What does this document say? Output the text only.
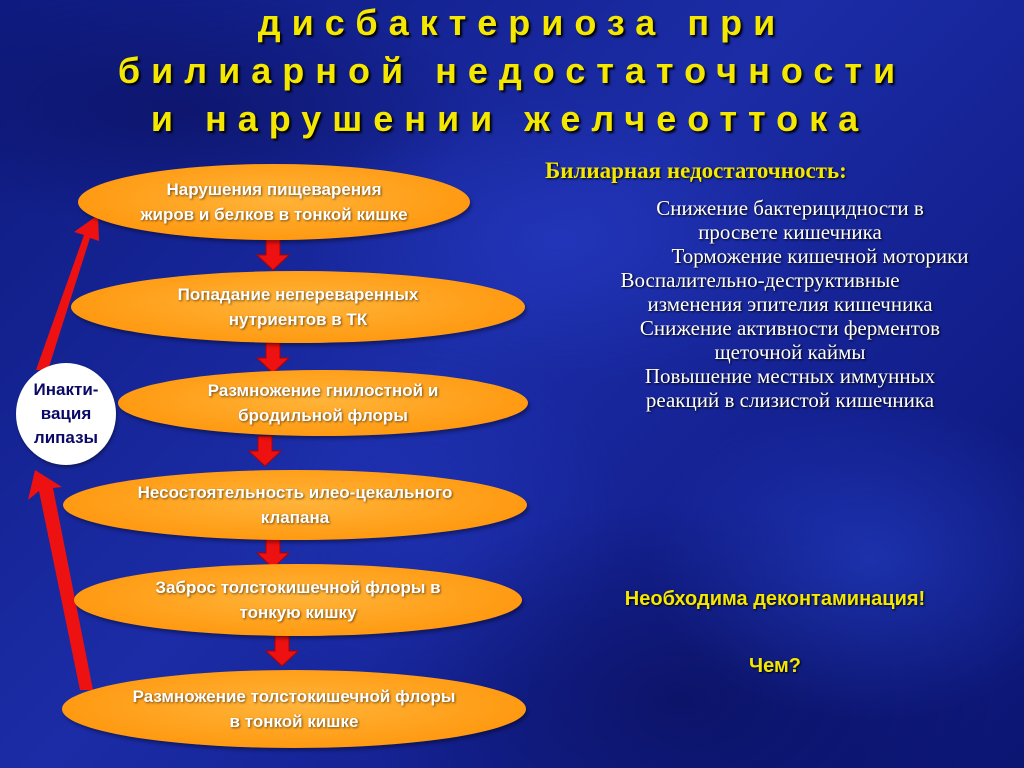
дисбактериоза при
билиарной недостаточности
и нарушении желчеоттока
Нарушения пищеварения
жиров и белков в тонкой кишке
Попадание непереваренных
нутриентов в ТК
Размножение гнилостной и
бродильной флоры
Несостоятельность илео-цекального
клапана
Заброс толстокишечной флоры в
тонкую кишку
Размножение толстокишечной флоры
в тонкой кишке
Инакти-
вация
липазы
Билиарная недостаточность:
Снижение бактерицидности в
просвете кишечника
Торможение кишечной моторики
Воспалительно-деструктивные
изменения эпителия кишечника
Снижение активности ферментов
щеточной каймы
Повышение местных иммунных
реакций в слизистой кишечника
Необходима деконтаминация!
Чем?
